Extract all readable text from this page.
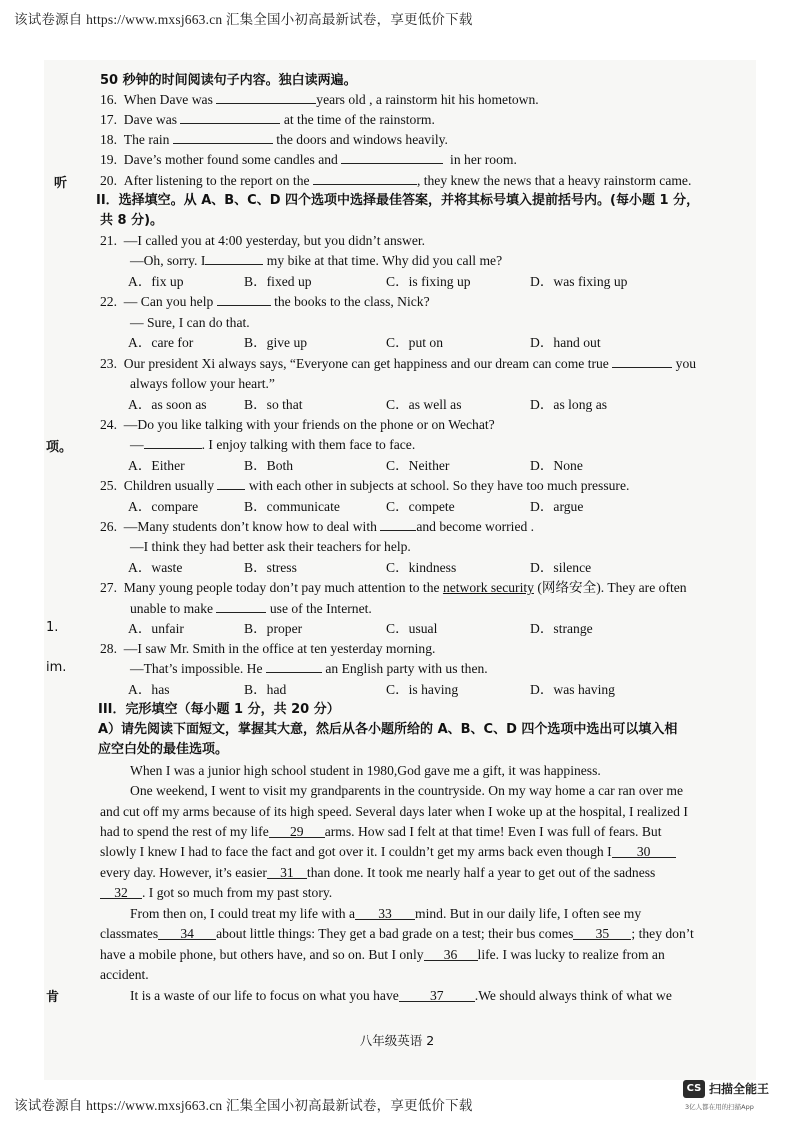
该试卷源自 https://www.mxsj663.cn 汇集全国小初高最新试卷，享更低价下载
听
项。
1.
im.
肯
50 秒钟的时间阅读句子内容。独白读两遍。
16. When Dave was	years old , a rainstorm hit his hometown.
17. Dave was	at the time of the rainstorm.
18. The rain	the doors and windows heavily.
19. Dave’s mother found some candles and	in her room.
20. After listening to the report on the	, they knew the news that a heavy rainstorm came.
II．选择填空。从 A、B、C、D 四个选项中选择最佳答案，并将其标号填入提前括号内。(每小题 1 分，
共 8 分)。
21. —I called you at 4:00 yesterday, but you didn’t answer.
—Oh, sorry. I	my bike at that time. Why did you call me?
A．fix up	B．fixed up	C．is fixing up	D．was fixing up
22. — Can you help	the books to the class, Nick?
— Sure, I can do that.
A．care for	B．give up	C．put on	D．hand out
23. Our president Xi always says, “Everyone can get happiness and our dream can come true	you
always follow your heart.”
A．as soon as	B．so that	C．as well as	D．as long as
24. —Do you like talking with your friends on the phone or on Wechat?
—	. I enjoy talking with them face to face.
A．Either	B．Both	C．Neither	D．None
25. Children usually	with each other in subjects at school. So they have too much pressure.
A．compare	B．communicate	C．compete	D．argue
26. —Many students don’t know how to deal with	and become worried .
—I think they had better ask their teachers for help.
A．waste	B．stress	C．kindness	D．silence
27. Many young people today don’t pay much attention to the network security (网络安全). They are often
unable to make	use of the Internet.
A．unfair	B．proper	C．usual	D．strange
28. —I saw Mr. Smith in the office at ten yesterday morning.
—That’s impossible. He	an English party with us then.
A．has	B．had	C．is having	D．was having
III．完形填空（每小题 1 分，共 20 分）
A）请先阅读下面短文，掌握其大意，然后从各小题所给的 A、B、C、D 四个选项中选出可以填入相
应空白处的最佳选项。
When I was a junior high school student in 1980,God gave me a gift, it was happiness.
One weekend, I went to visit my grandparents in the countryside. On my way home a car ran over me
and cut off my arms because of its high speed. Several days later when I woke up at the hospital, I realized I
had to spend the rest of my life 29 arms. How sad I felt at that time! Even I was full of fears. But
slowly I knew I had to face the fact and got over it. I couldn’t get my arms back even though I 30
every day. However, it’s easier 31 than done. It took me nearly half a year to get out of the sadness
32 . I got so much from my past story.
From then on, I could treat my life with a 33 mind. But in our daily life, I often see my
classmates 34 about little things: They get a bad grade on a test; their bus comes 35 ; they don’t
have a mobile phone, but others have, and so on. But I only 36 life. I was lucky to realize from an
accident.
It is a waste of our life to focus on what you have 37 .We should always think of what we
八年级英语 2
该试卷源自 https://www.mxsj663.cn 汇集全国小初高最新试卷，享更低价下载
CS 扫描全能王
3亿人都在用的扫描App
